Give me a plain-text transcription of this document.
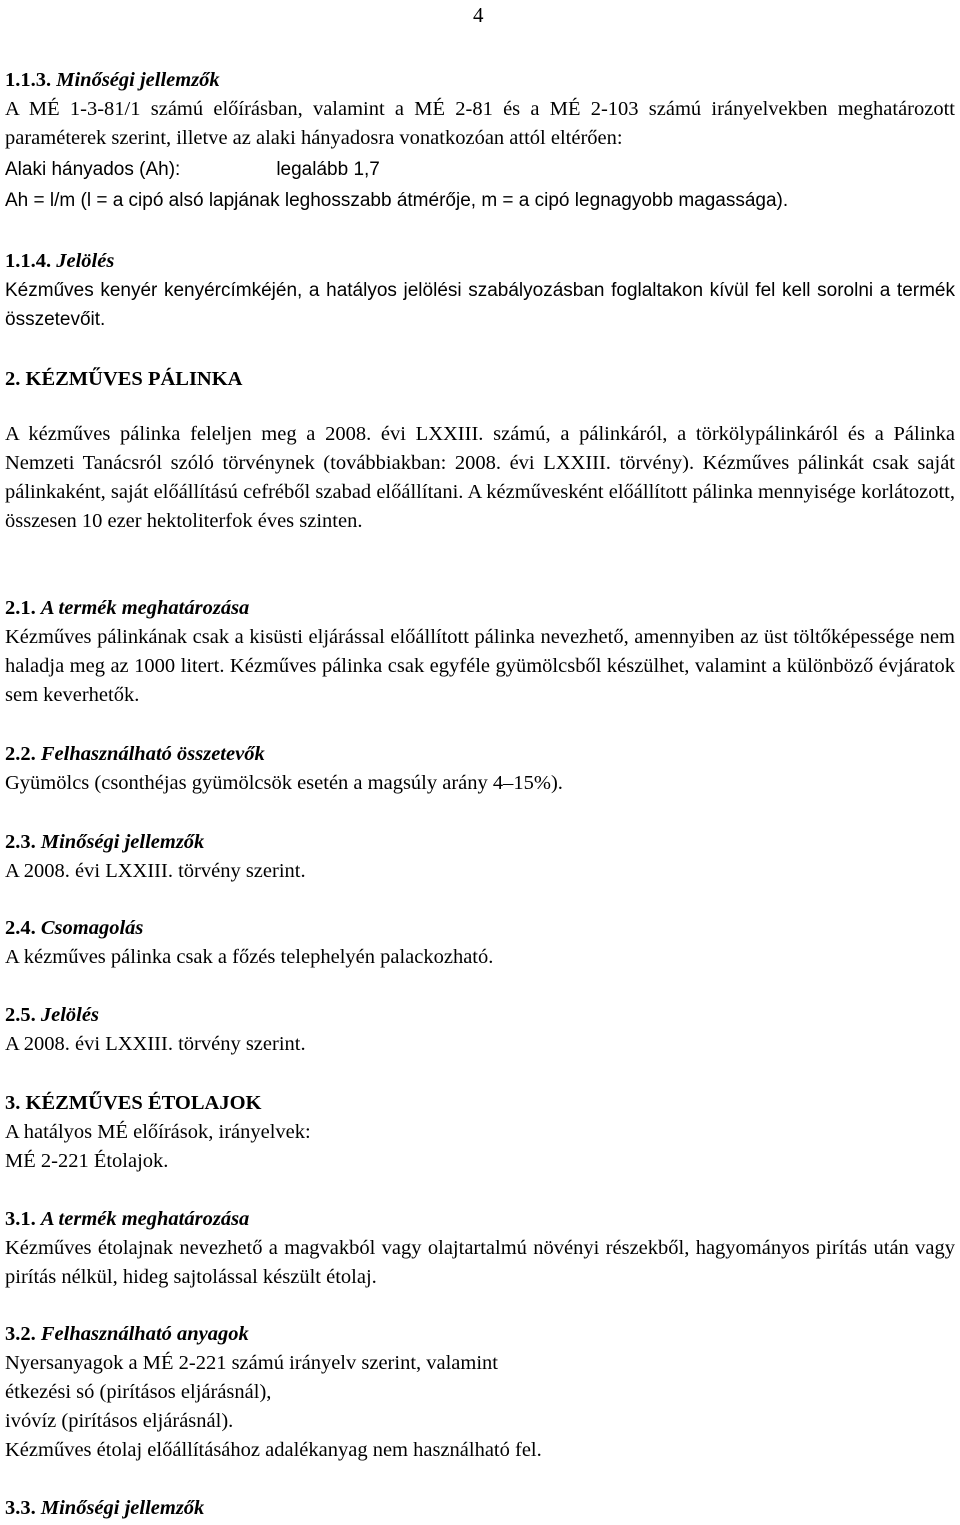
4
1.1.3. Minőségi jellemzők

A MÉ 1-3-81/1 számú előírásban, valamint a MÉ 2-81 és a MÉ 2-103 számú irányelvekben meghatározott paraméterek szerint, illetve az alaki hányadosra vonatkozóan attól eltérően:

Alaki hányados (Ah):	legalább 1,7
Ah = l/m (l = a cipó alsó lapjának leghosszabb átmérője, m = a cipó legnagyobb magassága).
1.1.4. Jelölés

Kézműves kenyér kenyércímkéjén, a hatályos jelölési szabályozásban foglaltakon kívül fel kell sorolni a termék összetevőit.

2. KÉZMŰVES PÁLINKA

A kézműves pálinka feleljen meg a 2008. évi LXXIII. számú, a pálinkáról, a törkölypálinkáról és a Pálinka Nemzeti Tanácsról szóló törvénynek (továbbiakban: 2008. évi LXXIII. törvény). Kézműves pálinkát csak saját pálinkaként, saját előállítású cefréből szabad előállítani. A kézművesként előállított pálinka mennyisége korlátozott, összesen 10 ezer hektoliterfok éves szinten.

2.1. A termék meghatározása

Kézműves pálinkának csak a kisüsti eljárással előállított pálinka nevezhető, amennyiben az üst töltőképessége nem haladja meg az 1000 litert. Kézműves pálinka csak egyféle gyümölcsből készülhet, valamint a különböző évjáratok sem keverhetők.

2.2. Felhasználható összetevők
Gyümölcs (csonthéjas gyümölcsök esetén a magsúly arány 4–15%).
2.3. Minőségi jellemzők
A 2008. évi LXXIII. törvény szerint.
2.4. Csomagolás
A kézműves pálinka csak a főzés telephelyén palackozható.
2.5. Jelölés
A 2008. évi LXXIII. törvény szerint.
3. KÉZMŰVES ÉTOLAJOK
A hatályos MÉ előírások, irányelvek:
MÉ 2-221 Étolajok.
3.1. A termék meghatározása

Kézműves étolajnak nevezhető a magvakból vagy olajtartalmú növényi részekből, hagyományos pirítás után vagy pirítás nélkül, hideg sajtolással készült étolaj.

3.2. Felhasználható anyagok
Nyersanyagok a MÉ 2-221 számú irányelv szerint, valamint
étkezési só (pirításos eljárásnál),
ivóvíz (pirításos eljárásnál).
Kézműves étolaj előállításához adalékanyag nem használható fel.
3.3. Minőségi jellemzők
